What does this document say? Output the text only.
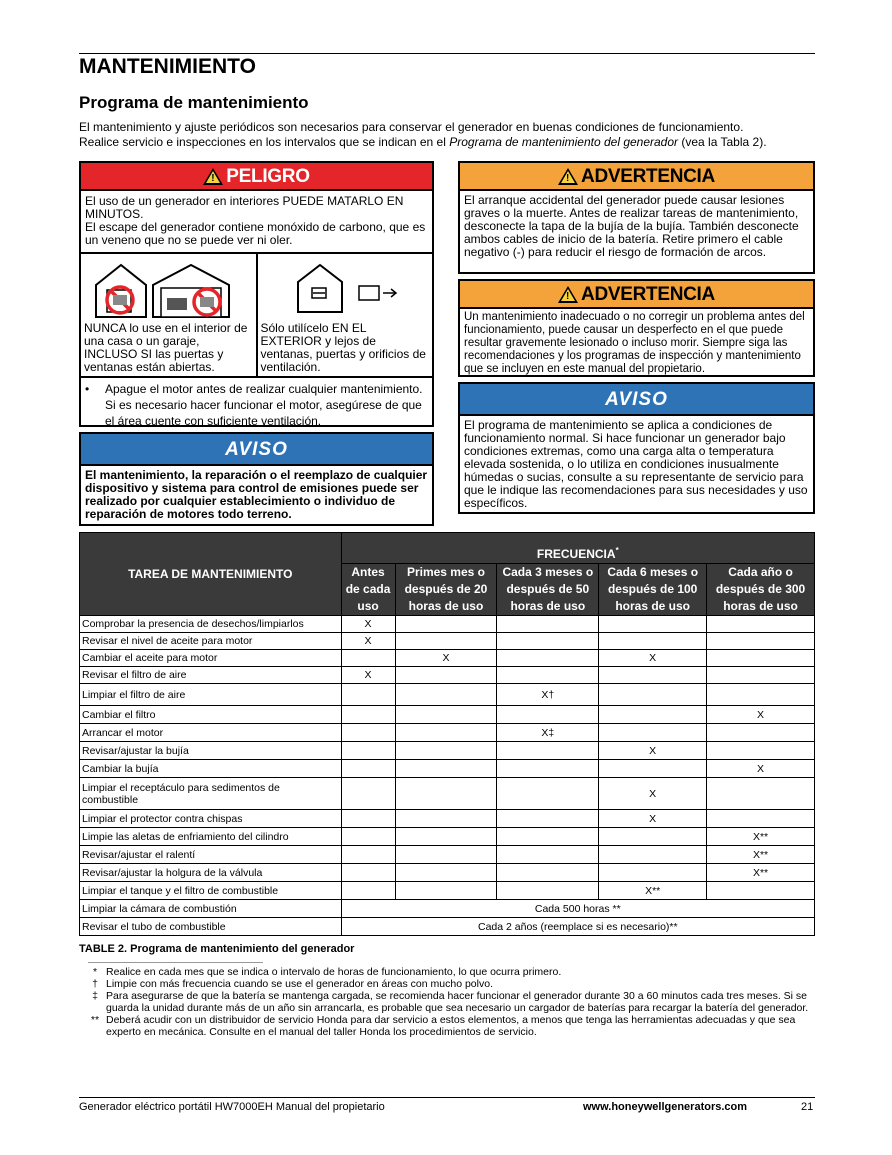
MANTENIMIENTO
Programa de mantenimiento

El mantenimiento y ajuste periódicos son necesarios para conservar el generador en buenas condiciones de funcionamiento.
Realice servicio e inspecciones en los intervalos que se indican en el Programa de mantenimiento del generador (vea la Tabla 2).

! PELIGRO
El uso de un generador en interiores PUEDE MATARLO EN MINUTOS.
El escape del generador contiene monóxido de carbono, que es un veneno que no se puede ver ni oler.
NUNCA lo use en el interior de una casa o un garaje, INCLUSO SI las puertas y ventanas están abiertas.
Sólo utilícelo EN EL EXTERIOR y lejos de ventanas, puertas y orificios de ventilación.
•	Apague el motor antes de realizar cualquier mantenimiento. Si es necesario hacer funcionar el motor, asegúrese de que el área cuente con suficiente ventilación.
AVISO
El mantenimiento, la reparación o el reemplazo de cualquier dispositivo y sistema para control de emisiones puede ser realizado por cualquier establecimiento o individuo de reparación de motores todo terreno.
! ADVERTENCIA
El arranque accidental del generador puede causar lesiones graves o la muerte. Antes de realizar tareas de mantenimiento, desconecte la tapa de la bujía de la bujía. También desconecte ambos cables de inicio de la batería. Retire primero el cable negativo (-) para reducir el riesgo de formación de arcos.
! ADVERTENCIA
Un mantenimiento inadecuado o no corregir un problema antes del funcionamiento, puede causar un desperfecto en el que puede resultar gravemente lesionado o incluso morir. Siempre siga las recomendaciones y los programas de inspección y mantenimiento que se incluyen en este manual del propietario.
AVISO
El programa de mantenimiento se aplica a condiciones de funcionamiento normal. Si hace funcionar un generador bajo condiciones extremas, como una carga alta o temperatura elevada sostenida, o lo utiliza en condiciones inusualmente húmedas o sucias, consulte a su representante de servicio para que le indique las recomendaciones para sus necesidades y uso específicos.
TAREA DE MANTENIMIENTO	FRECUENCIA*
	Antes de cada uso	Primes mes o después de 20 horas de uso	Cada 3 meses o después de 50 horas de uso	Cada 6 meses o después de 100 horas de uso	Cada año o después de 300 horas de uso
Comprobar la presencia de desechos/limpiarlos	X				
Revisar el nivel de aceite para motor	X				
Cambiar el aceite para motor		X		X	
Revisar el filtro de aire	X				
Limpiar el filtro de aire			X†		
Cambiar el filtro					X
Arrancar el motor			X‡		
Revisar/ajustar la bujía				X	
Cambiar la bujía					X
Limpiar el receptáculo para sedimentos de combustible				X	
Limpiar el protector contra chispas				X	
Limpie las aletas de enfriamiento del cilindro					X**
Revisar/ajustar el ralentí					X**
Revisar/ajustar la holgura de la válvula					X**
Limpiar el tanque y el filtro de combustible				X**	
Limpiar la cámara de combustión	Cada 500 horas **				
Revisar el tubo de combustible	Cada 2 años (reemplace si es necesario)**				
TABLE 2. Programa de mantenimiento del generador
* Realice en cada mes que se indica o intervalo de horas de funcionamiento, lo que ocurra primero.
† Limpie con más frecuencia cuando se use el generador en áreas con mucho polvo.
‡ Para asegurarse de que la batería se mantenga cargada, se recomienda hacer funcionar el generador durante 30 a 60 minutos cada tres meses. Si se guarda la unidad durante más de un año sin arrancarla, es probable que sea necesario un cargador de baterías para recargar la batería del generador.
** Deberá acudir con un distribuidor de servicio Honda para dar servicio a estos elementos, a menos que tenga las herramientas adecuadas y que sea experto en mecánica. Consulte en el manual del taller Honda los procedimientos de servicio.
Generador eléctrico portátil HW7000EH Manual del propietario	www.honeywellgenerators.com	21
